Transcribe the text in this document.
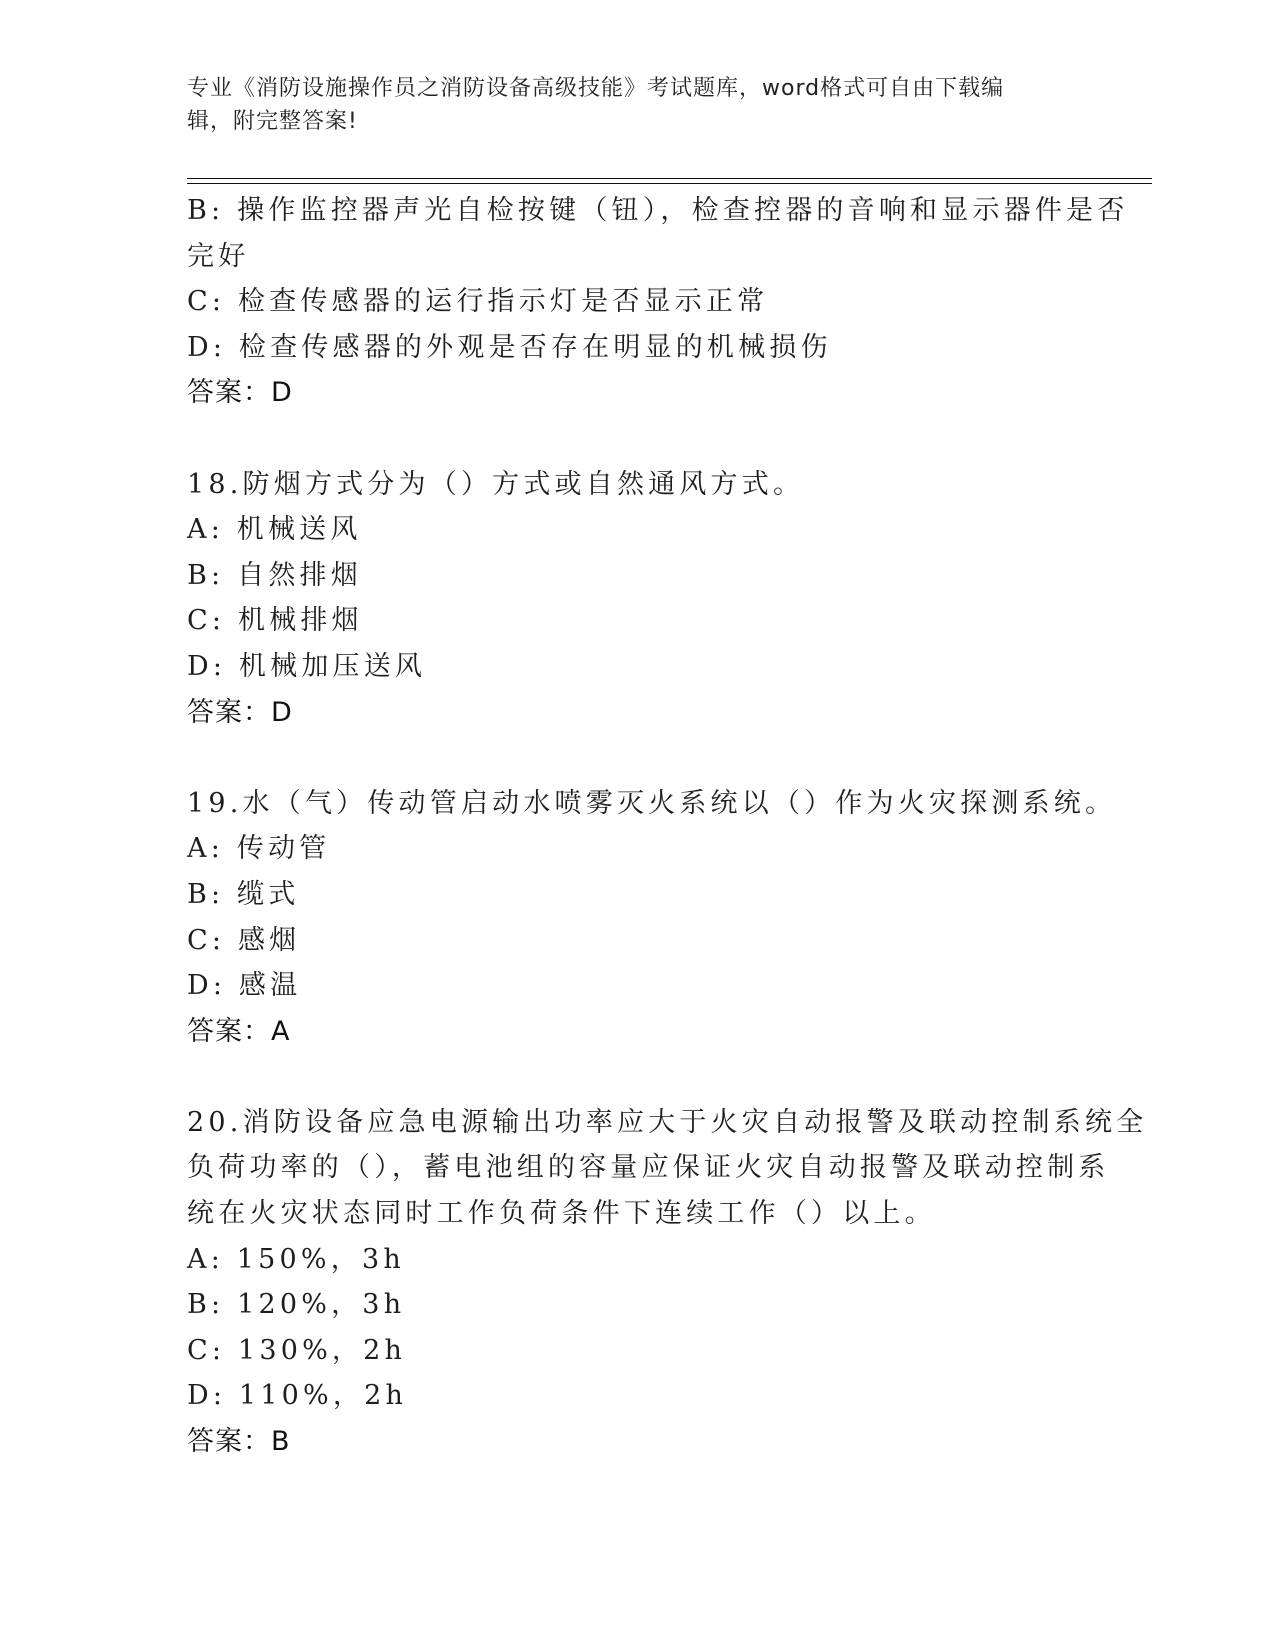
专业《消防设施操作员之消防设备高级技能》考试题库，word格式可自由下载编
辑，附完整答案!
B: 操作监控器声光自检按键（钮），检查控器的音响和显示器件是否
完好
C: 检查传感器的运行指示灯是否显示正常
D: 检查传感器的外观是否存在明显的机械损伤
答案：D
18.防烟方式分为（）方式或自然通风方式。
A: 机械送风
B: 自然排烟
C: 机械排烟
D: 机械加压送风
答案：D
19.水（气）传动管启动水喷雾灭火系统以（）作为火灾探测系统。
A: 传动管
B: 缆式
C: 感烟
D: 感温
答案：A
20.消防设备应急电源输出功率应大于火灾自动报警及联动控制系统全
负荷功率的（），蓄电池组的容量应保证火灾自动报警及联动控制系
统在火灾状态同时工作负荷条件下连续工作（）以上。
A: 150%，3h
B: 120%，3h
C: 130%，2h
D: 110%，2h
答案：B
